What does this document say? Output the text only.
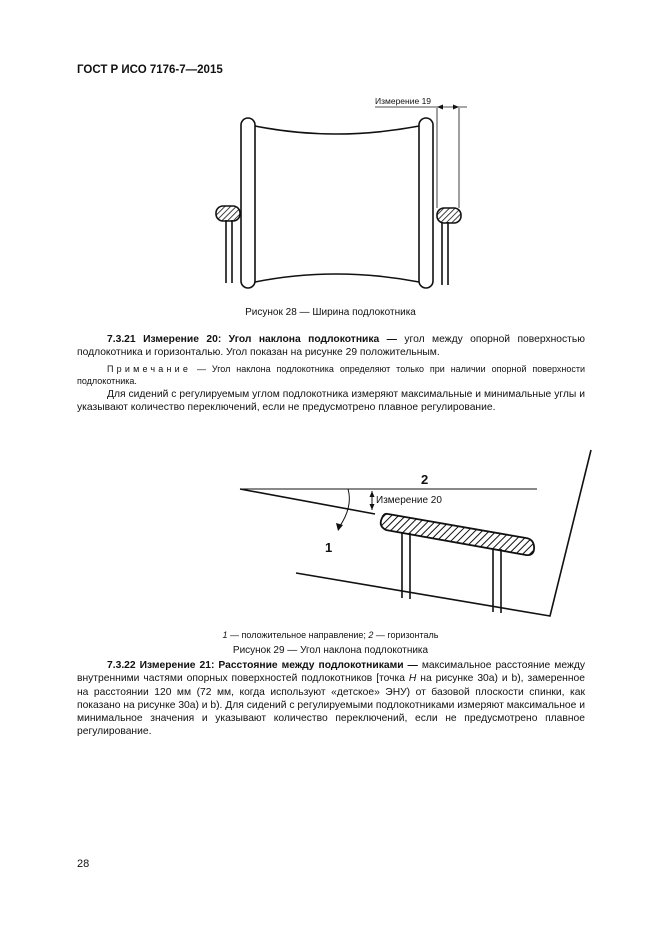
ГОСТ Р ИСО 7176-7—2015
Измерение 19
Рисунок 28 — Ширина подлокотника

7.3.21 Измерение 20: Угол наклона подлокотника — угол между опорной поверхностью подлокотника и горизонталью. Угол показан на рисунке 29 положительным.

Примечание — Угол наклона подлокотника определяют только при наличии опорной поверхности подлокотника.

Для сидений с регулируемым углом подлокотника измеряют максимальные и минимальные углы и указывают количество переключений, если не предусмотрено плавное регулирование.

Измерение 20
2
1
1 — положительное направление; 2 — горизонталь
Рисунок 29 — Угол наклона подлокотника

7.3.22 Измерение 21: Расстояние между подлокотниками — максимальное расстояние между внутренними частями опорных поверхностей подлокотников [точка H на рисунке 30а) и b), замеренное на расстоянии 120 мм (72 мм, когда используют «детское» ЭНУ) от базовой плоскости спинки, как показано на рисунке 30а) и b). Для сидений с регулируемыми подлокотниками измеряют максимальное и минимальное значения и указывают количество переключений, если не предусмотрено плавное регулирование.

28
